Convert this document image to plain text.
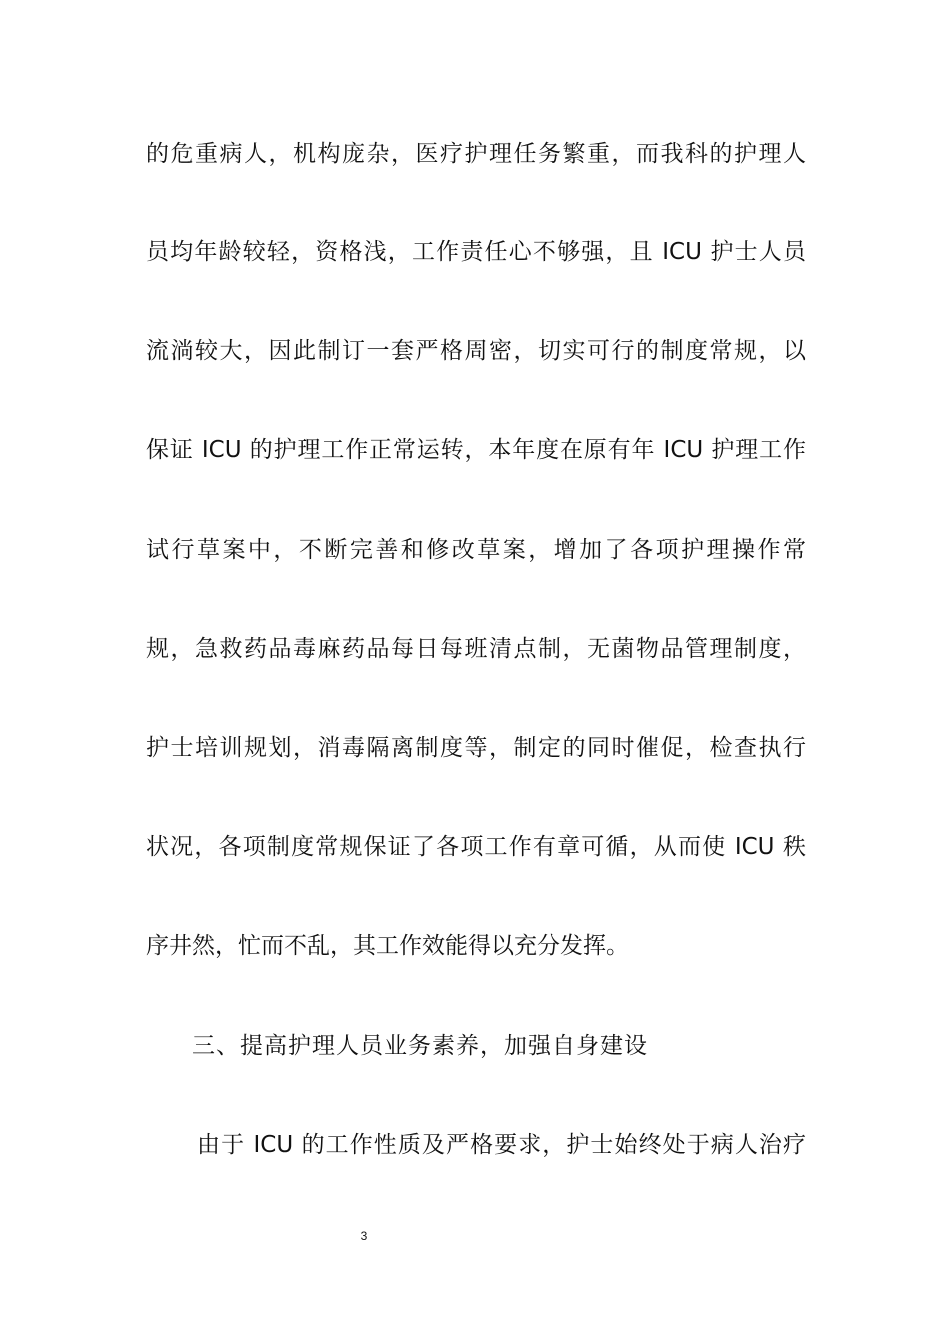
的危重病人，机构庞杂，医疗护理任务繁重，而我科的护理人
员均年龄较轻，资格浅，工作责任心不够强，且 ICU 护士人员
流淌较大，因此制订一套严格周密，切实可行的制度常规，以
保证 ICU 的护理工作正常运转，本年度在原有年 ICU 护理工作
试行草案中，不断完善和修改草案，增加了各项护理操作常
规，急救药品毒麻药品每日每班清点制，无菌物品管理制度，
护士培训规划，消毒隔离制度等，制定的同时催促，检查执行
状况，各项制度常规保证了各项工作有章可循，从而使 ICU 秩
序井然，忙而不乱，其工作效能得以充分发挥。
三、提高护理人员业务素养，加强自身建设
由于 ICU 的工作性质及严格要求，护士始终处于病人治疗
3
